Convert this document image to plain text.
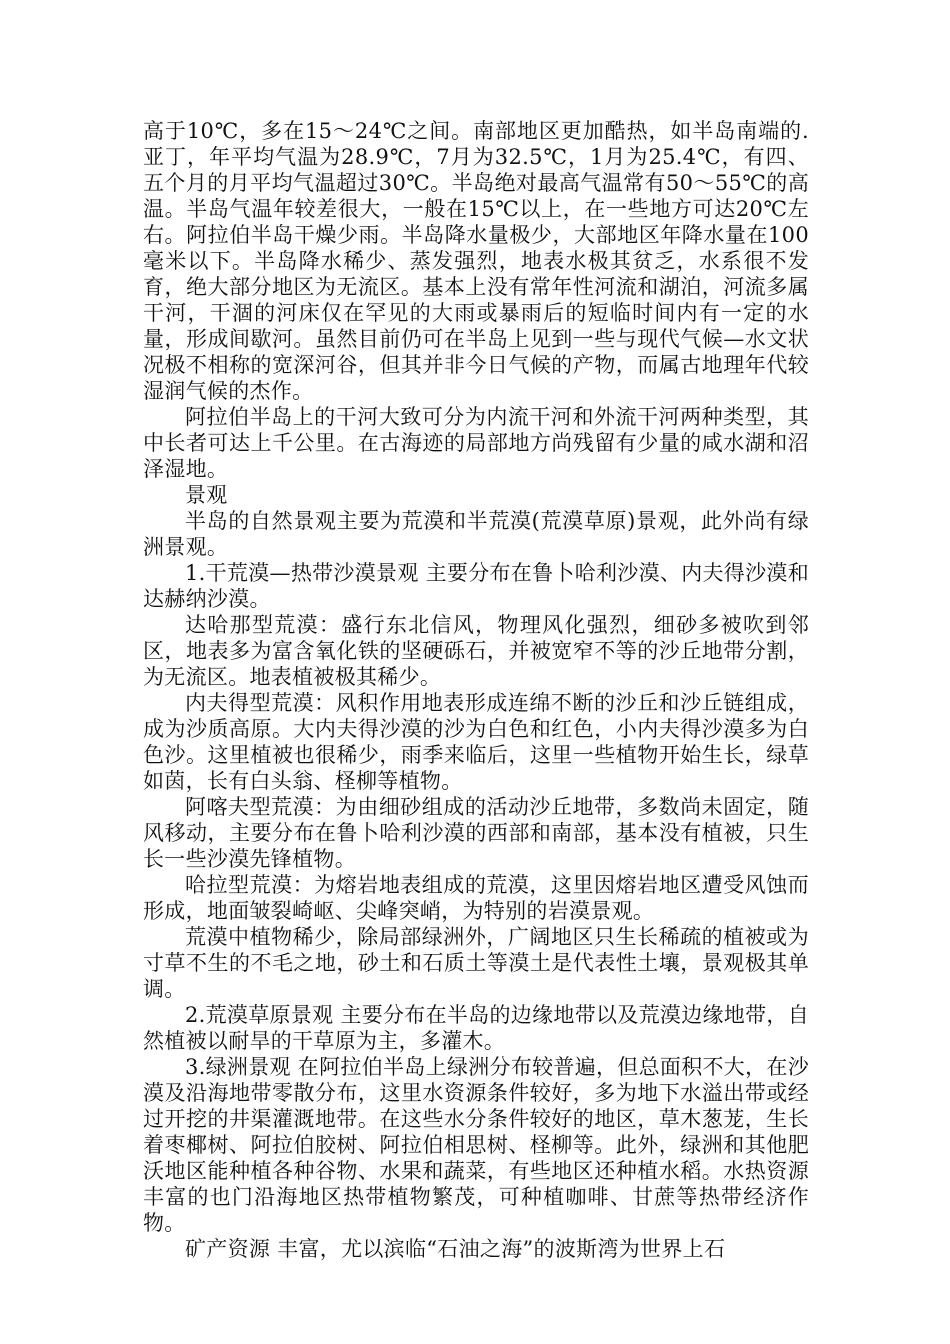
高于10℃，多在15～24℃之间。南部地区更加酷热，如半岛南端的.亚丁，年平均气温为28.9℃，7月为32.5℃，1月为25.4℃，有四、五个月的月平均气温超过30℃。半岛绝对最高气温常有50～55℃的高温。半岛气温年较差很大，一般在15℃以上，在一些地方可达20℃左右。阿拉伯半岛干燥少雨。半岛降水量极少，大部地区年降水量在100毫米以下。半岛降水稀少、蒸发强烈，地表水极其贫乏，水系很不发育，绝大部分地区为无流区。基本上没有常年性河流和湖泊，河流多属干河，干涸的河床仅在罕见的大雨或暴雨后的短临时间内有一定的水量，形成间歇河。虽然目前仍可在半岛上见到一些与现代气候—水文状况极不相称的宽深河谷，但其并非今日气候的产物，而属古地理年代较湿润气候的杰作。

阿拉伯半岛上的干河大致可分为内流干河和外流干河两种类型，其中长者可达上千公里。在古海迹的局部地方尚残留有少量的咸水湖和沼泽湿地。

景观

半岛的自然景观主要为荒漠和半荒漠(荒漠草原)景观，此外尚有绿洲景观。

1.干荒漠—热带沙漠景观 主要分布在鲁卜哈利沙漠、内夫得沙漠和达赫纳沙漠。

达哈那型荒漠：盛行东北信风，物理风化强烈，细砂多被吹到邻区，地表多为富含氧化铁的坚硬砾石，并被宽窄不等的沙丘地带分割，为无流区。地表植被极其稀少。

内夫得型荒漠：风积作用地表形成连绵不断的沙丘和沙丘链组成，成为沙质高原。大内夫得沙漠的沙为白色和红色，小内夫得沙漠多为白色沙。这里植被也很稀少，雨季来临后，这里一些植物开始生长，绿草如茵，长有白头翁、柽柳等植物。

阿喀夫型荒漠：为由细砂组成的活动沙丘地带，多数尚未固定，随风移动，主要分布在鲁卜哈利沙漠的西部和南部，基本没有植被，只生长一些沙漠先锋植物。

哈拉型荒漠：为熔岩地表组成的荒漠，这里因熔岩地区遭受风蚀而形成，地面皱裂崎岖、尖峰突峭，为特别的岩漠景观。

荒漠中植物稀少，除局部绿洲外，广阔地区只生长稀疏的植被或为寸草不生的不毛之地，砂土和石质土等漠土是代表性土壤，景观极其单调。

2.荒漠草原景观 主要分布在半岛的边缘地带以及荒漠边缘地带，自然植被以耐旱的干草原为主，多灌木。

3.绿洲景观 在阿拉伯半岛上绿洲分布较普遍，但总面积不大，在沙漠及沿海地带零散分布，这里水资源条件较好，多为地下水溢出带或经过开挖的井渠灌溉地带。在这些水分条件较好的地区，草木葱茏，生长着枣椰树、阿拉伯胶树、阿拉伯相思树、柽柳等。此外，绿洲和其他肥沃地区能种植各种谷物、水果和蔬菜，有些地区还种植水稻。水热资源丰富的也门沿海地区热带植物繁茂，可种植咖啡、甘蔗等热带经济作物。

矿产资源 丰富，尤以滨临“石油之海”的波斯湾为世界上石
